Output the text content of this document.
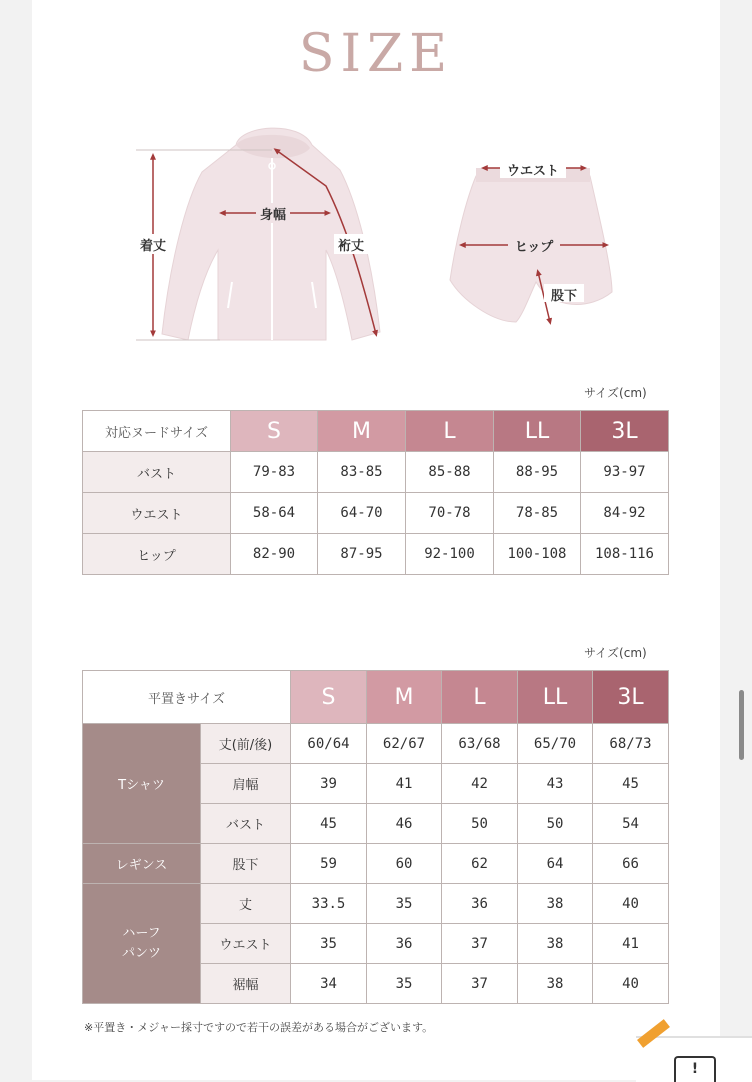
SIZE
着丈
身幅
裄丈
ウエスト
ヒップ
股下
サイズ(cm)
対応ヌードサイズ	S	M	L	LL	3L
バスト	79-83	83-85	85-88	88-95	93-97
ウエスト	58-64	64-70	70-78	78-85	84-92
ヒップ	82-90	87-95	92-100	100-108	108-116
サイズ(cm)
平置きサイズ		S	M	L	LL	3L
Tシャツ	丈(前/後)	60/64	62/67	63/68	65/70	68/73
	肩幅	39	41	42	43	45
	バスト	45	46	50	50	54
レギンス	股下	59	60	62	64	66
ハーフ
パンツ	丈	33.5	35	36	38	40
	ウエスト	35	36	37	38	41
	裾幅	34	35	37	38	40
※平置き・メジャー採寸ですので若干の誤差がある場合がございます。
!
